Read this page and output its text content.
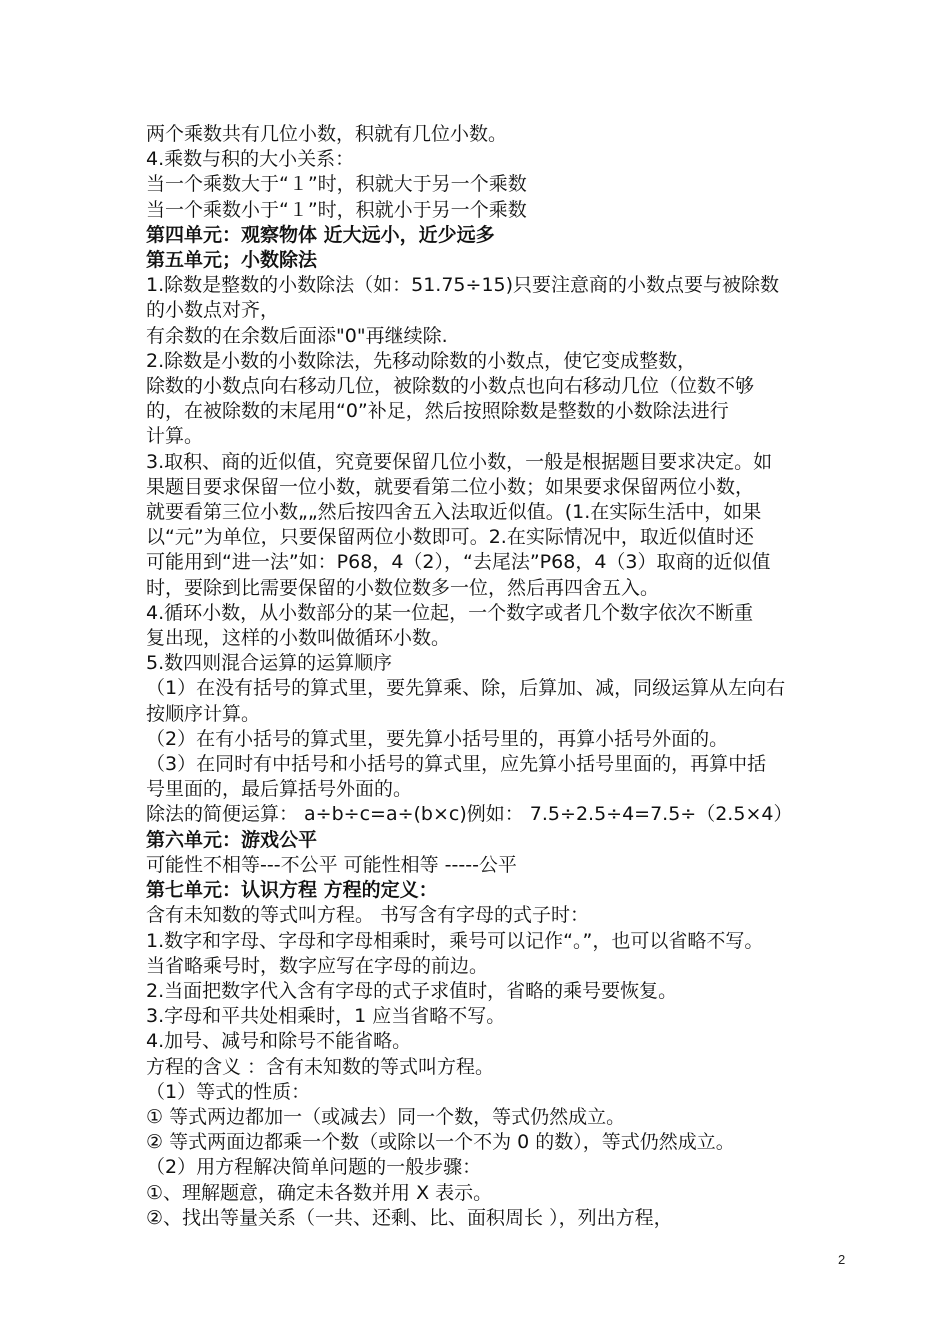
两个乘数共有几位小数，积就有几位小数。
4.乘数与积的大小关系：
当一个乘数大于“１”时，积就大于另一个乘数
当一个乘数小于“１”时，积就小于另一个乘数
第四单元：观察物体 近大远小，近少远多
第五单元；小数除法
1.除数是整数的小数除法（如：51.75÷15)只要注意商的小数点要与被除数
的小数点对齐，
有余数的在余数后面添"0"再继续除.
2.除数是小数的小数除法，先移动除数的小数点，使它变成整数，
除数的小数点向右移动几位，被除数的小数点也向右移动几位（位数不够
的，在被除数的末尾用“0”补足，然后按照除数是整数的小数除法进行
计算。
3.取积、商的近似值，究竟要保留几位小数，一般是根据题目要求决定。如
果题目要求保留一位小数，就要看第二位小数；如果要求保留两位小数，
就要看第三位小数„„然后按四舍五入法取近似值。(1.在实际生活中，如果
以“元”为单位，只要保留两位小数即可。2.在实际情况中，取近似值时还
可能用到“进一法”如：P68，4（2），“去尾法”P68，4（3）取商的近似值
时，要除到比需要保留的小数位数多一位，然后再四舍五入。
4.循环小数，从小数部分的某一位起，一个数字或者几个数字依次不断重
复出现，这样的小数叫做循环小数。
5.数四则混合运算的运算顺序
（1）在没有括号的算式里，要先算乘、除，后算加、减，同级运算从左向右
按顺序计算。
（2）在有小括号的算式里，要先算小括号里的，再算小括号外面的。
（3）在同时有中括号和小括号的算式里，应先算小括号里面的，再算中括
号里面的，最后算括号外面的。
除法的简便运算： a÷b÷c=a÷(b×c)例如： 7.5÷2.5÷4=7.5÷（2.5×4）
第六单元：游戏公平
可能性不相等---不公平 可能性相等 -----公平
第七单元：认识方程 方程的定义：
含有未知数的等式叫方程。 书写含有字母的式子时：
1.数字和字母、字母和字母相乘时，乘号可以记作“。”，也可以省略不写。
当省略乘号时，数字应写在字母的前边。
2.当面把数字代入含有字母的式子求值时，省略的乘号要恢复。
3.字母和平共处相乘时，1 应当省略不写。
4.加号、减号和除号不能省略。
方程的含义 ：含有未知数的等式叫方程。
（1）等式的性质：
① 等式两边都加一（或减去）同一个数，等式仍然成立。
② 等式两面边都乘一个数（或除以一个不为 0 的数），等式仍然成立。
（2）用方程解决简单问题的一般步骤：
①、理解题意，确定未各数并用 X 表示。
②、找出等量关系（一共、还剩、比、面积周长 ），列出方程，
2
